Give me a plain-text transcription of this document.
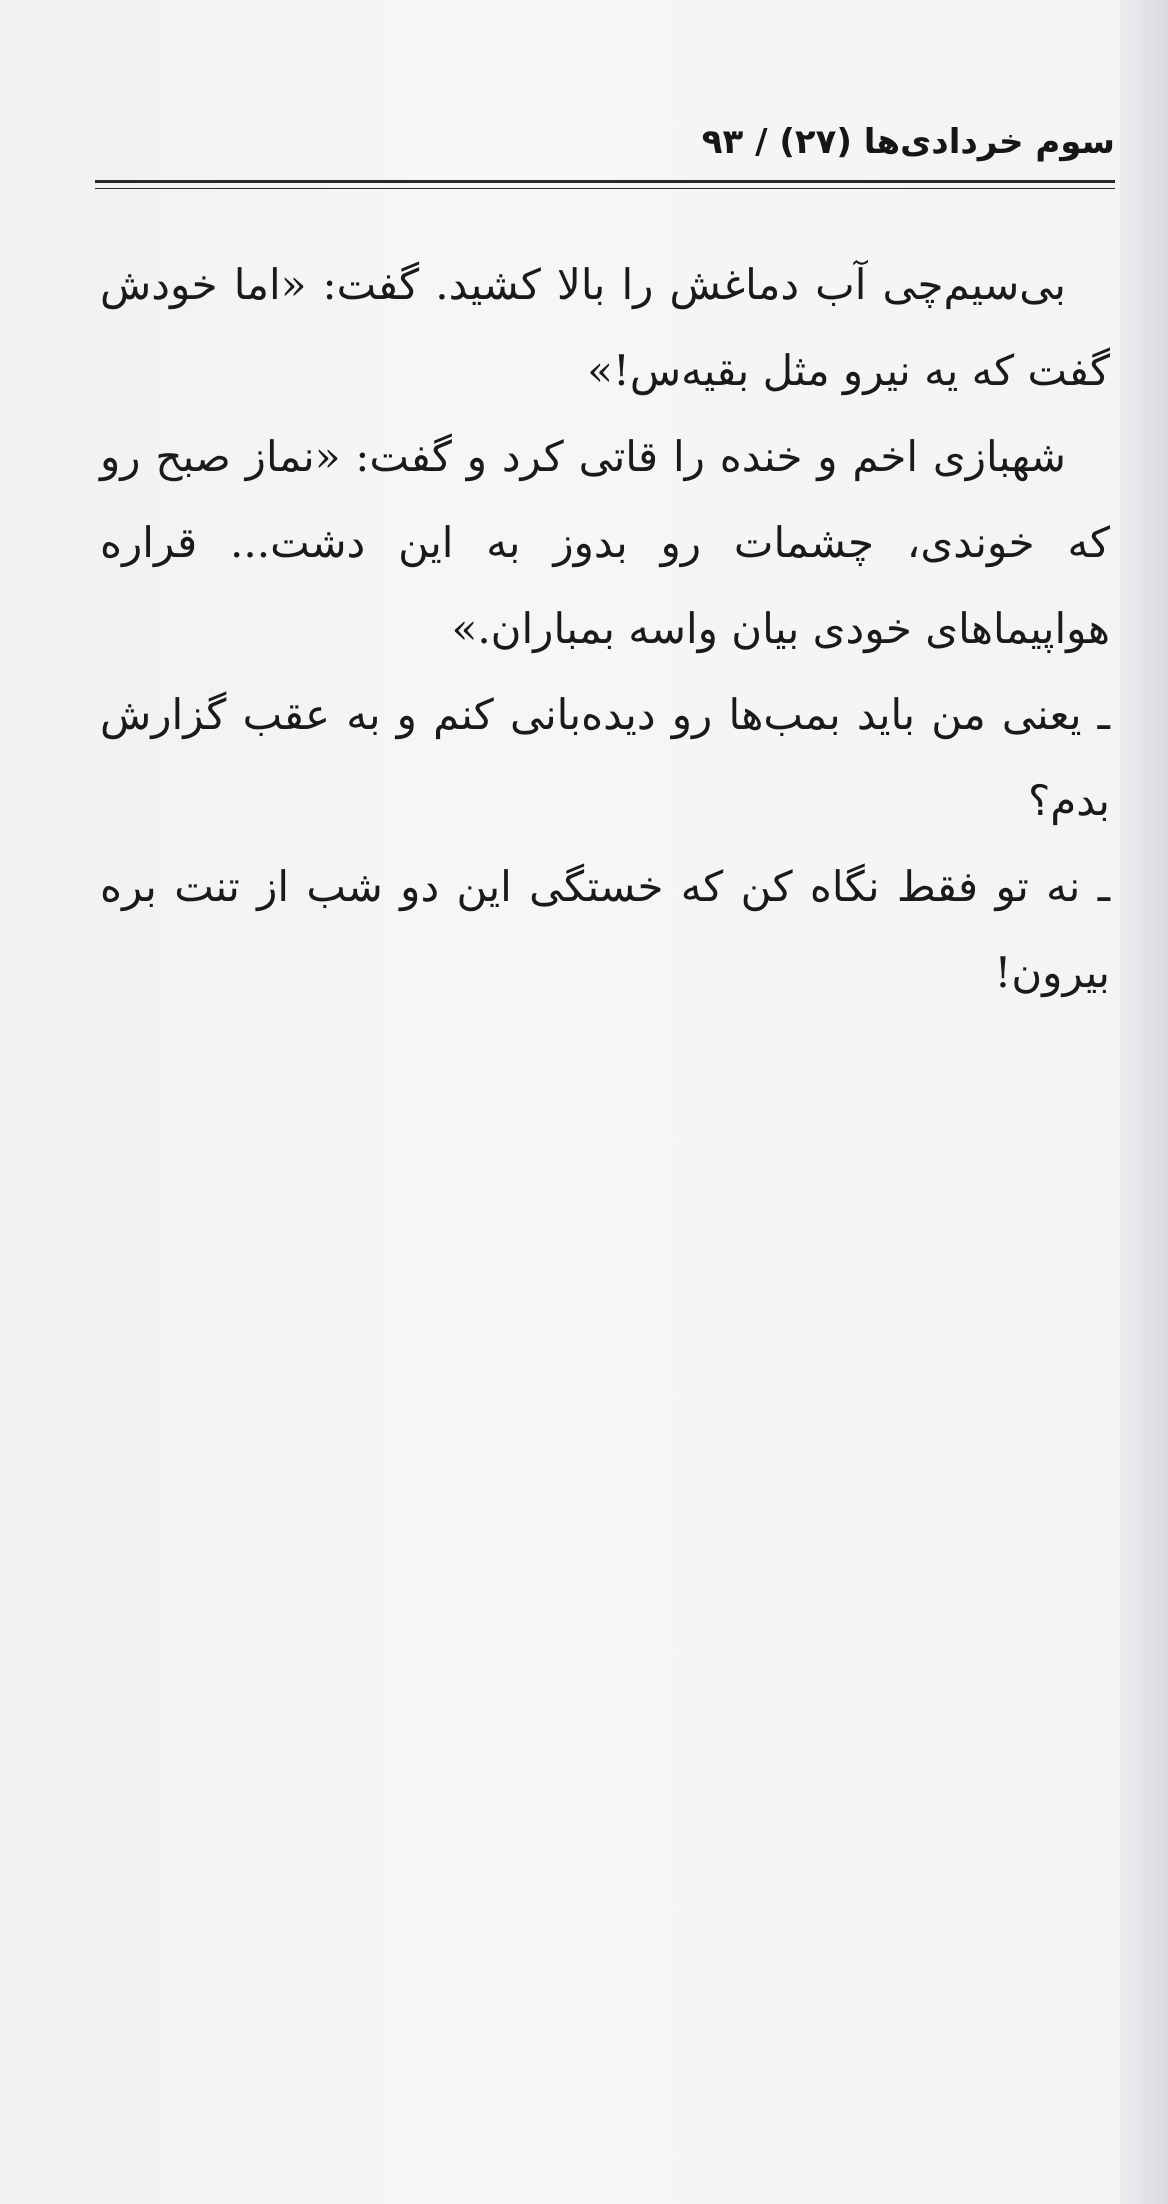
سوم خردادی‌ها (۲۷) / ۹۳

بی‌سیم‌چی آب دماغش را بالا کشید. گفت: «اما خودش گفت که یه نیرو مثل بقیه‌س!»

شهبازی اخم و خنده را قاتی کرد و گفت: «نماز صبح رو که خوندی، چشمات رو بدوز به این دشت... قراره هواپیماهای خودی بیان واسه بمباران.»

ـ یعنی من باید بمب‌ها رو دیده‌بانی کنم و به عقب گزارش بدم؟

ـ نه تو فقط نگاه کن که خستگی این دو شب از تنت بره بیرون!
